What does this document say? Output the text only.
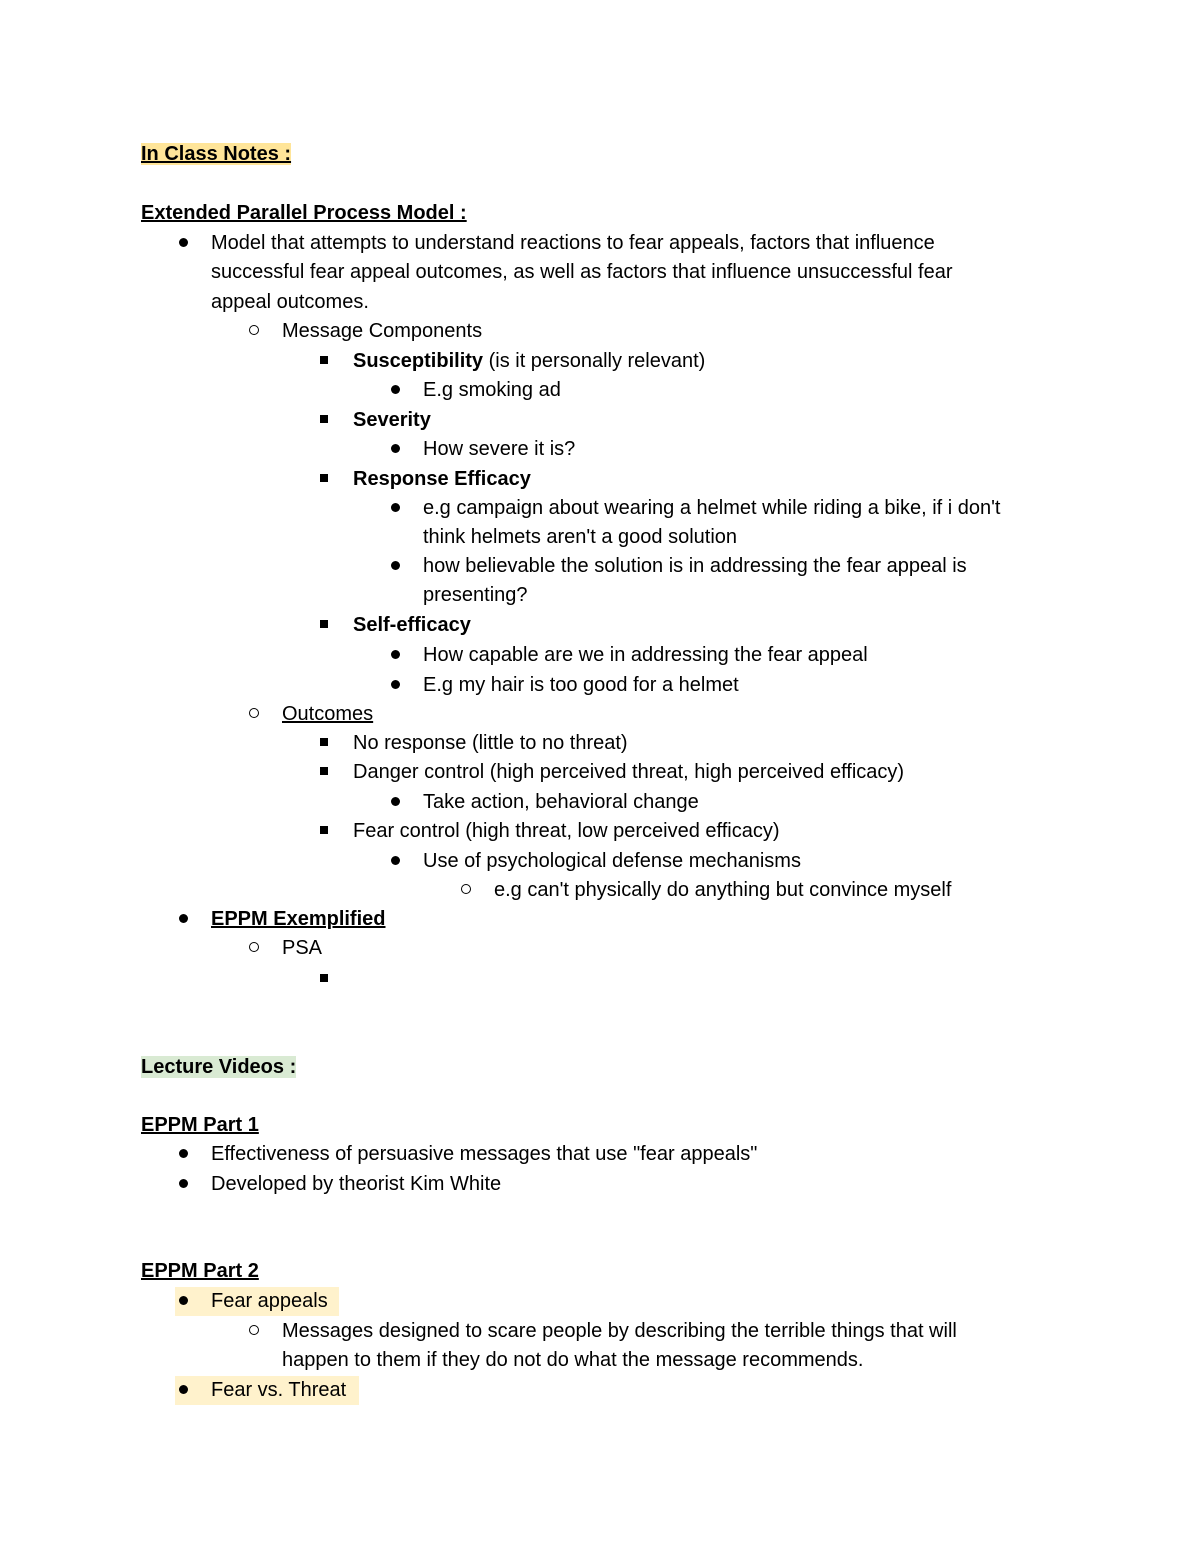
In Class Notes :
Extended Parallel Process Model :
Model that attempts to understand reactions to fear appeals, factors that influence
successful fear appeal outcomes, as well as factors that influence unsuccessful fear
appeal outcomes.
Message Components
Susceptibility (is it personally relevant)
E.g smoking ad
Severity
How severe it is?
Response Efficacy
e.g campaign about wearing a helmet while riding a bike, if i don't
think helmets aren't a good solution
how believable the solution is in addressing the fear appeal is
presenting?
Self-efficacy
How capable are we in addressing the fear appeal
E.g my hair is too good for a helmet
Outcomes
No response (little to no threat)
Danger control (high perceived threat, high perceived efficacy)
Take action, behavioral change
Fear control (high threat, low perceived efficacy)
Use of psychological defense mechanisms
e.g can't physically do anything but convince myself
EPPM Exemplified
PSA
Lecture Videos :
EPPM Part 1
Effectiveness of persuasive messages that use "fear appeals"
Developed by theorist Kim White
EPPM Part 2
Fear appeals
Messages designed to scare people by describing the terrible things that will
happen to them if they do not do what the message recommends.
Fear vs. Threat
